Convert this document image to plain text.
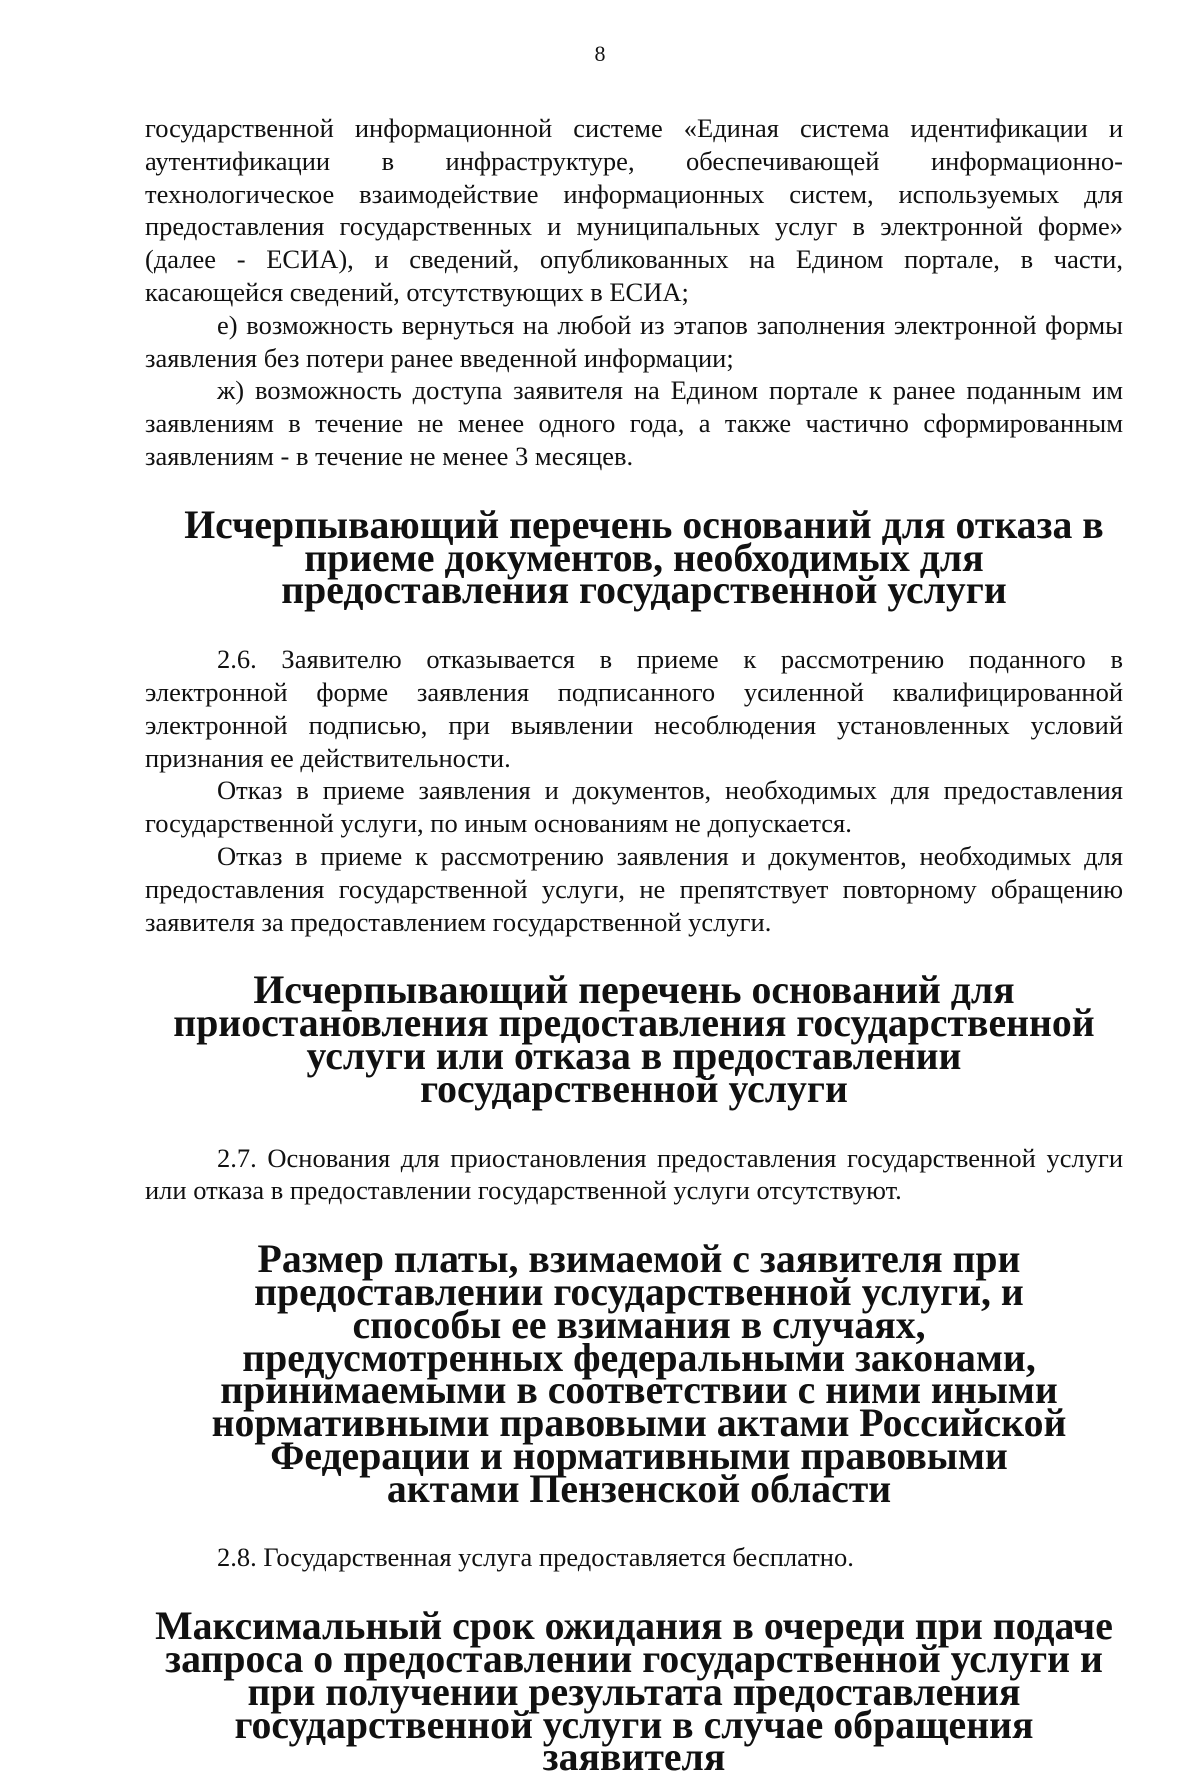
8

государственной информационной системе «Единая система идентификации и аутентификации в инфраструктуре, обеспечивающей информационно-технологическое взаимодействие информационных систем, используемых для предоставления государственных и муниципальных услуг в электронной форме» (далее - ЕСИА), и сведений, опубликованных на Едином портале, в части, касающейся сведений, отсутствующих в ЕСИА;

е) возможность вернуться на любой из этапов заполнения электронной формы заявления без потери ранее введенной информации;

ж) возможность доступа заявителя на Едином портале к ранее поданным им заявлениям в течение не менее одного года, а также частично сформированным заявлениям - в течение не менее 3 месяцев.

Исчерпывающий перечень оснований для отказа в приеме документов, необходимых для предоставления государственной услуги

2.6. Заявителю отказывается в приеме к рассмотрению поданного в электронной форме заявления подписанного усиленной квалифицированной электронной подписью, при выявлении несоблюдения установленных условий признания ее действительности.

Отказ в приеме заявления и документов, необходимых для предоставления государственной услуги, по иным основаниям не допускается.

Отказ в приеме к рассмотрению заявления и документов, необходимых для предоставления государственной услуги, не препятствует повторному обращению заявителя за предоставлением государственной услуги.

Исчерпывающий перечень оснований для приостановления предоставления государственной услуги или отказа в предоставлении государственной услуги

2.7. Основания для приостановления предоставления государственной услуги или отказа в предоставлении государственной услуги отсутствуют.

Размер платы, взимаемой с заявителя при предоставлении государственной услуги, и способы ее взимания в случаях, предусмотренных федеральными законами, принимаемыми в соответствии с ними иными нормативными правовыми актами Российской Федерации и нормативными правовыми актами Пензенской области

2.8. Государственная услуга предоставляется бесплатно.

Максимальный срок ожидания в очереди при подаче запроса о предоставлении государственной услуги и при получении результата предоставления государственной услуги в случае обращения заявителя
